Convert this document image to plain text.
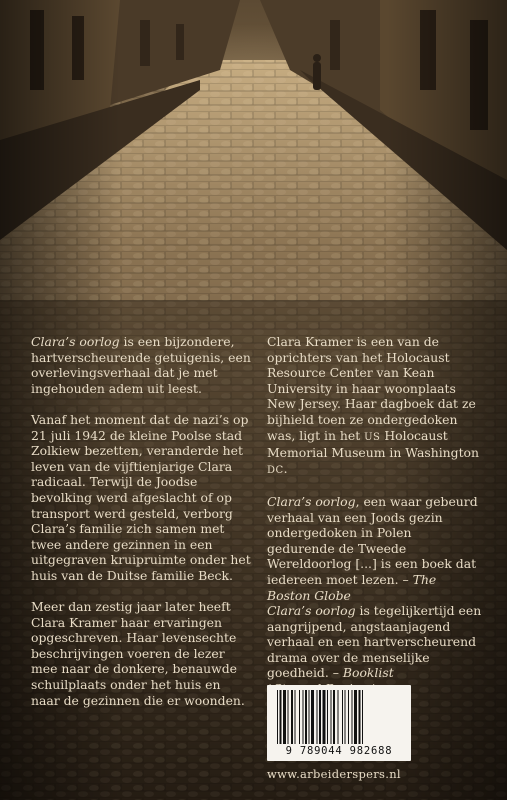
Clara’s oorlog is een bijzondere, hartverscheurende getuigenis, een overlevingsverhaal dat je met ingehouden adem uit leest.

Vanaf het moment dat de nazi’s op 21 juli 1942 de kleine Poolse stad Zolkiew bezetten, veranderde het leven van de vijftienjarige Clara radicaal. Terwijl de Joodse bevolking werd afgeslacht of op transport werd gesteld, verborg Clara’s familie zich samen met twee andere gezinnen in een uitgegraven kruipruimte onder het huis van de Duitse familie Beck.

Meer dan zestig jaar later heeft Clara Kramer haar ervaringen opgeschreven. Haar levensechte beschrijvingen voeren de lezer mee naar de donkere, benauwde schuilplaats onder het huis en naar de gezinnen die er woonden.

Clara Kramer is een van de oprichters van het Holocaust Resource Center van Kean University in haar woonplaats New Jersey. Haar dagboek dat ze bijhield toen ze ondergedoken was, ligt in het US Holocaust Memorial Museum in Washington DC.

Clara’s oorlog, een waar gebeurd verhaal van een Joods gezin ondergedoken in Polen gedurende de Tweede Wereldoorlog [...] is een boek dat iedereen moet lezen. – The Boston Globe
Clara’s oorlog is tegelijkertijd een aangrijpend, angstaanjagend verhaal en een hartverscheurend drama over de menselijke goedheid. – Booklist

9 789044 982688
www.arbeiderspers.nl
